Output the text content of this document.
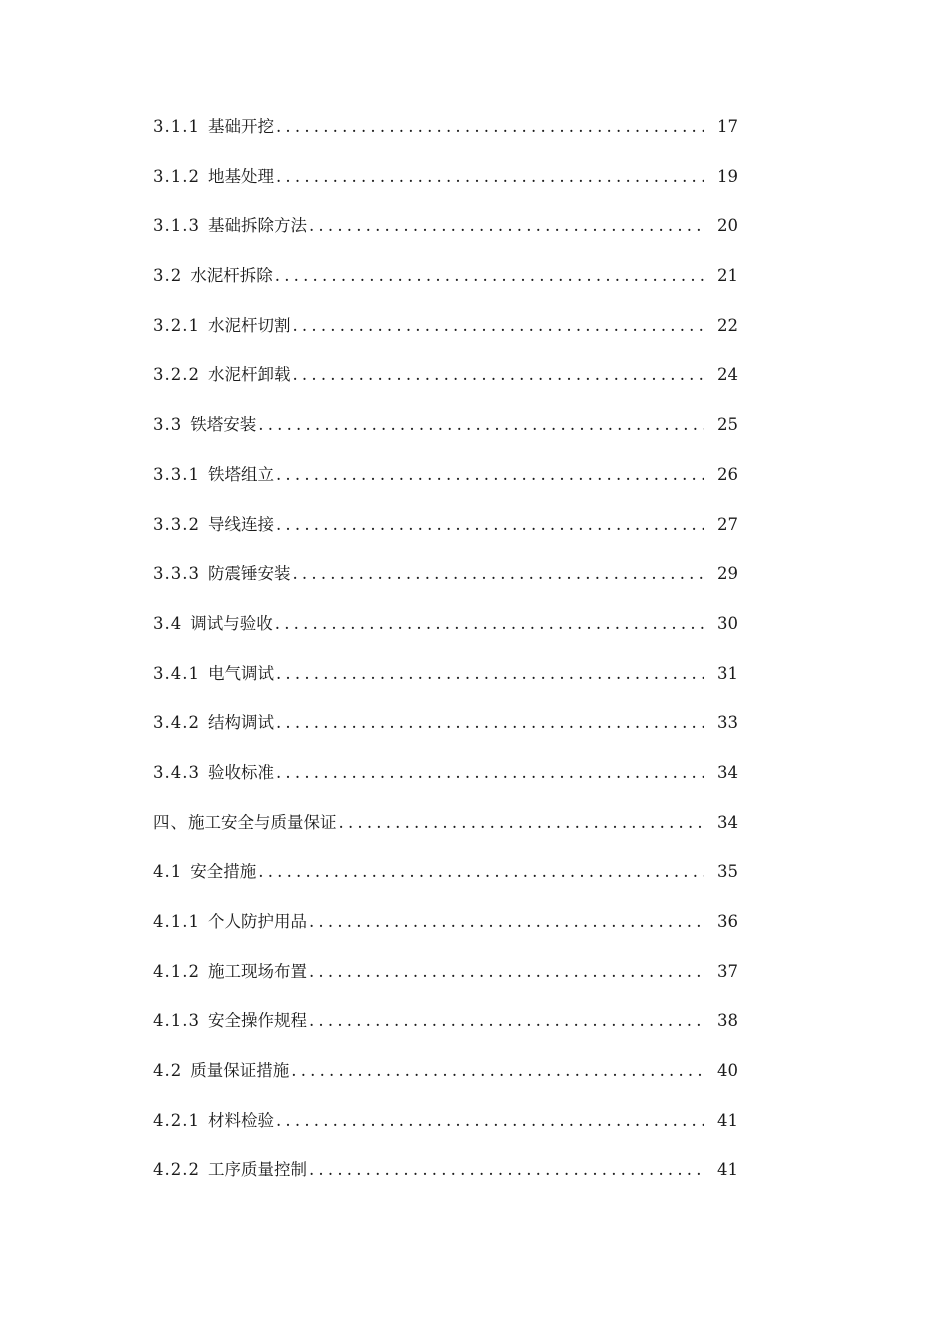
3.1.1 基础开挖 .....	17
3.1.2 地基处理 .....	19
3.1.3 基础拆除方法 .....	20
3.2 水泥杆拆除 .....	21
3.2.1 水泥杆切割 .....	22
3.2.2 水泥杆卸载 .....	24
3.3 铁塔安装 .....	25
3.3.1 铁塔组立 .....	26
3.3.2 导线连接 .....	27
3.3.3 防震锤安装 .....	29
3.4 调试与验收 .....	30
3.4.1 电气调试 .....	31
3.4.2 结构调试 .....	33
3.4.3 验收标准 .....	34
四、施工安全与质量保证 .....	34
4.1 安全措施 .....	35
4.1.1 个人防护用品 .....	36
4.1.2 施工现场布置 .....	37
4.1.3 安全操作规程 .....	38
4.2 质量保证措施 .....	40
4.2.1 材料检验 .....	41
4.2.2 工序质量控制 .....	41
